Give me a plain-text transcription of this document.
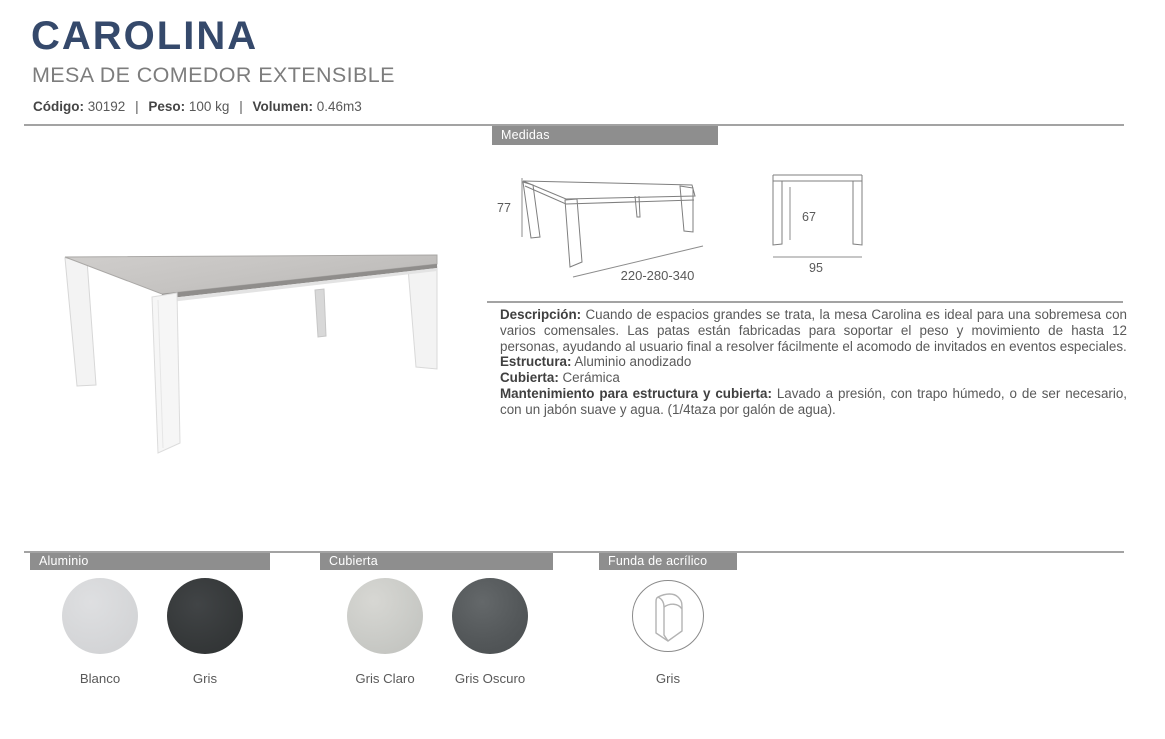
CAROLINA
MESA DE COMEDOR EXTENSIBLE
Código: 30192 | Peso: 100 kg | Volumen: 0.46m3
Medidas
77
220-280-340
67
95

Descripción: Cuando de espacios grandes se trata, la mesa Carolina es ideal para una sobremesa con varios comensales. Las patas están fabricadas para soportar el peso y movimiento de hasta 12 personas, ayudando al usuario final a resolver fácilmente el acomodo de invitados en eventos especiales.

Estructura: Aluminio anodizado

Cubierta: Cerámica

Mantenimiento para estructura y cubierta: Lavado a presión, con trapo húmedo, o de ser necesario, con un jabón suave y agua. (1/4taza por galón de agua).

Aluminio	Cubierta	Funda de acrílico
Blanco	Gris	Gris Claro	Gris Oscuro	Gris
